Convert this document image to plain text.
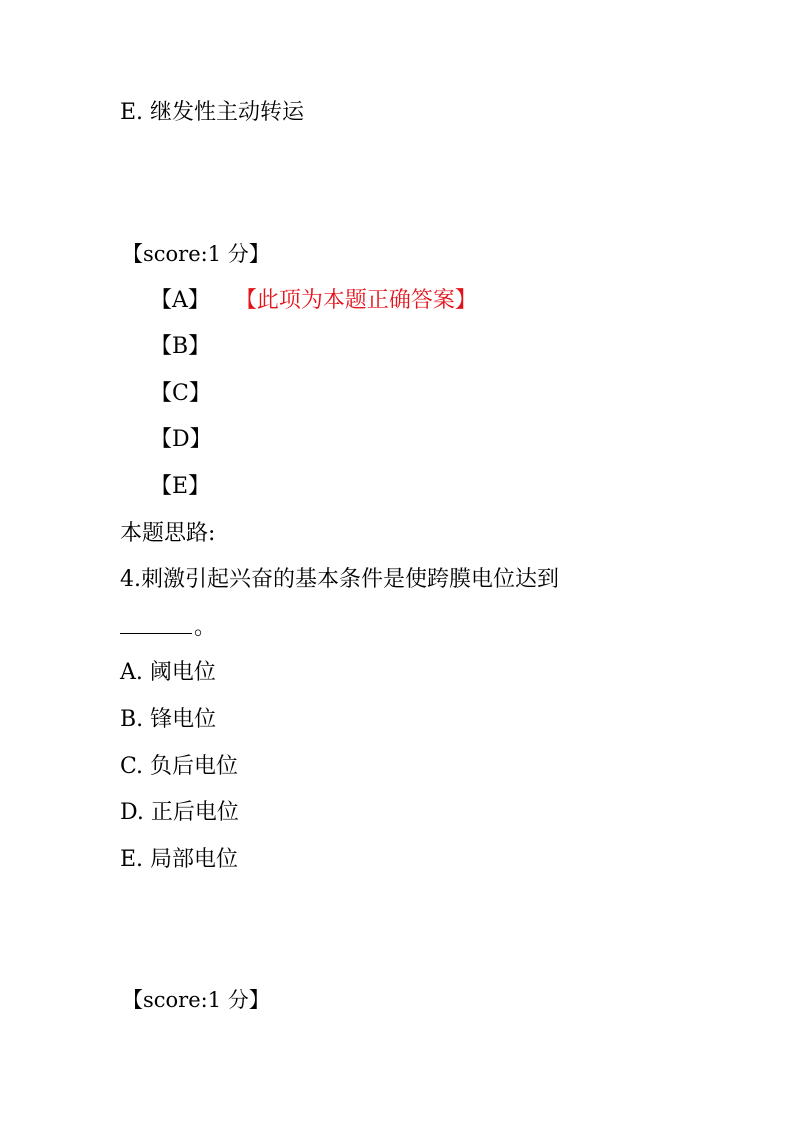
E. 继发性主动转运
【score:1 分】
【A】 【此项为本题正确答案】
【B】
【C】
【D】
【E】
本题思路:
4.刺激引起兴奋的基本条件是使跨膜电位达到
。
A. 阈电位
B. 锋电位
C. 负后电位
D. 正后电位
E. 局部电位
【score:1 分】
